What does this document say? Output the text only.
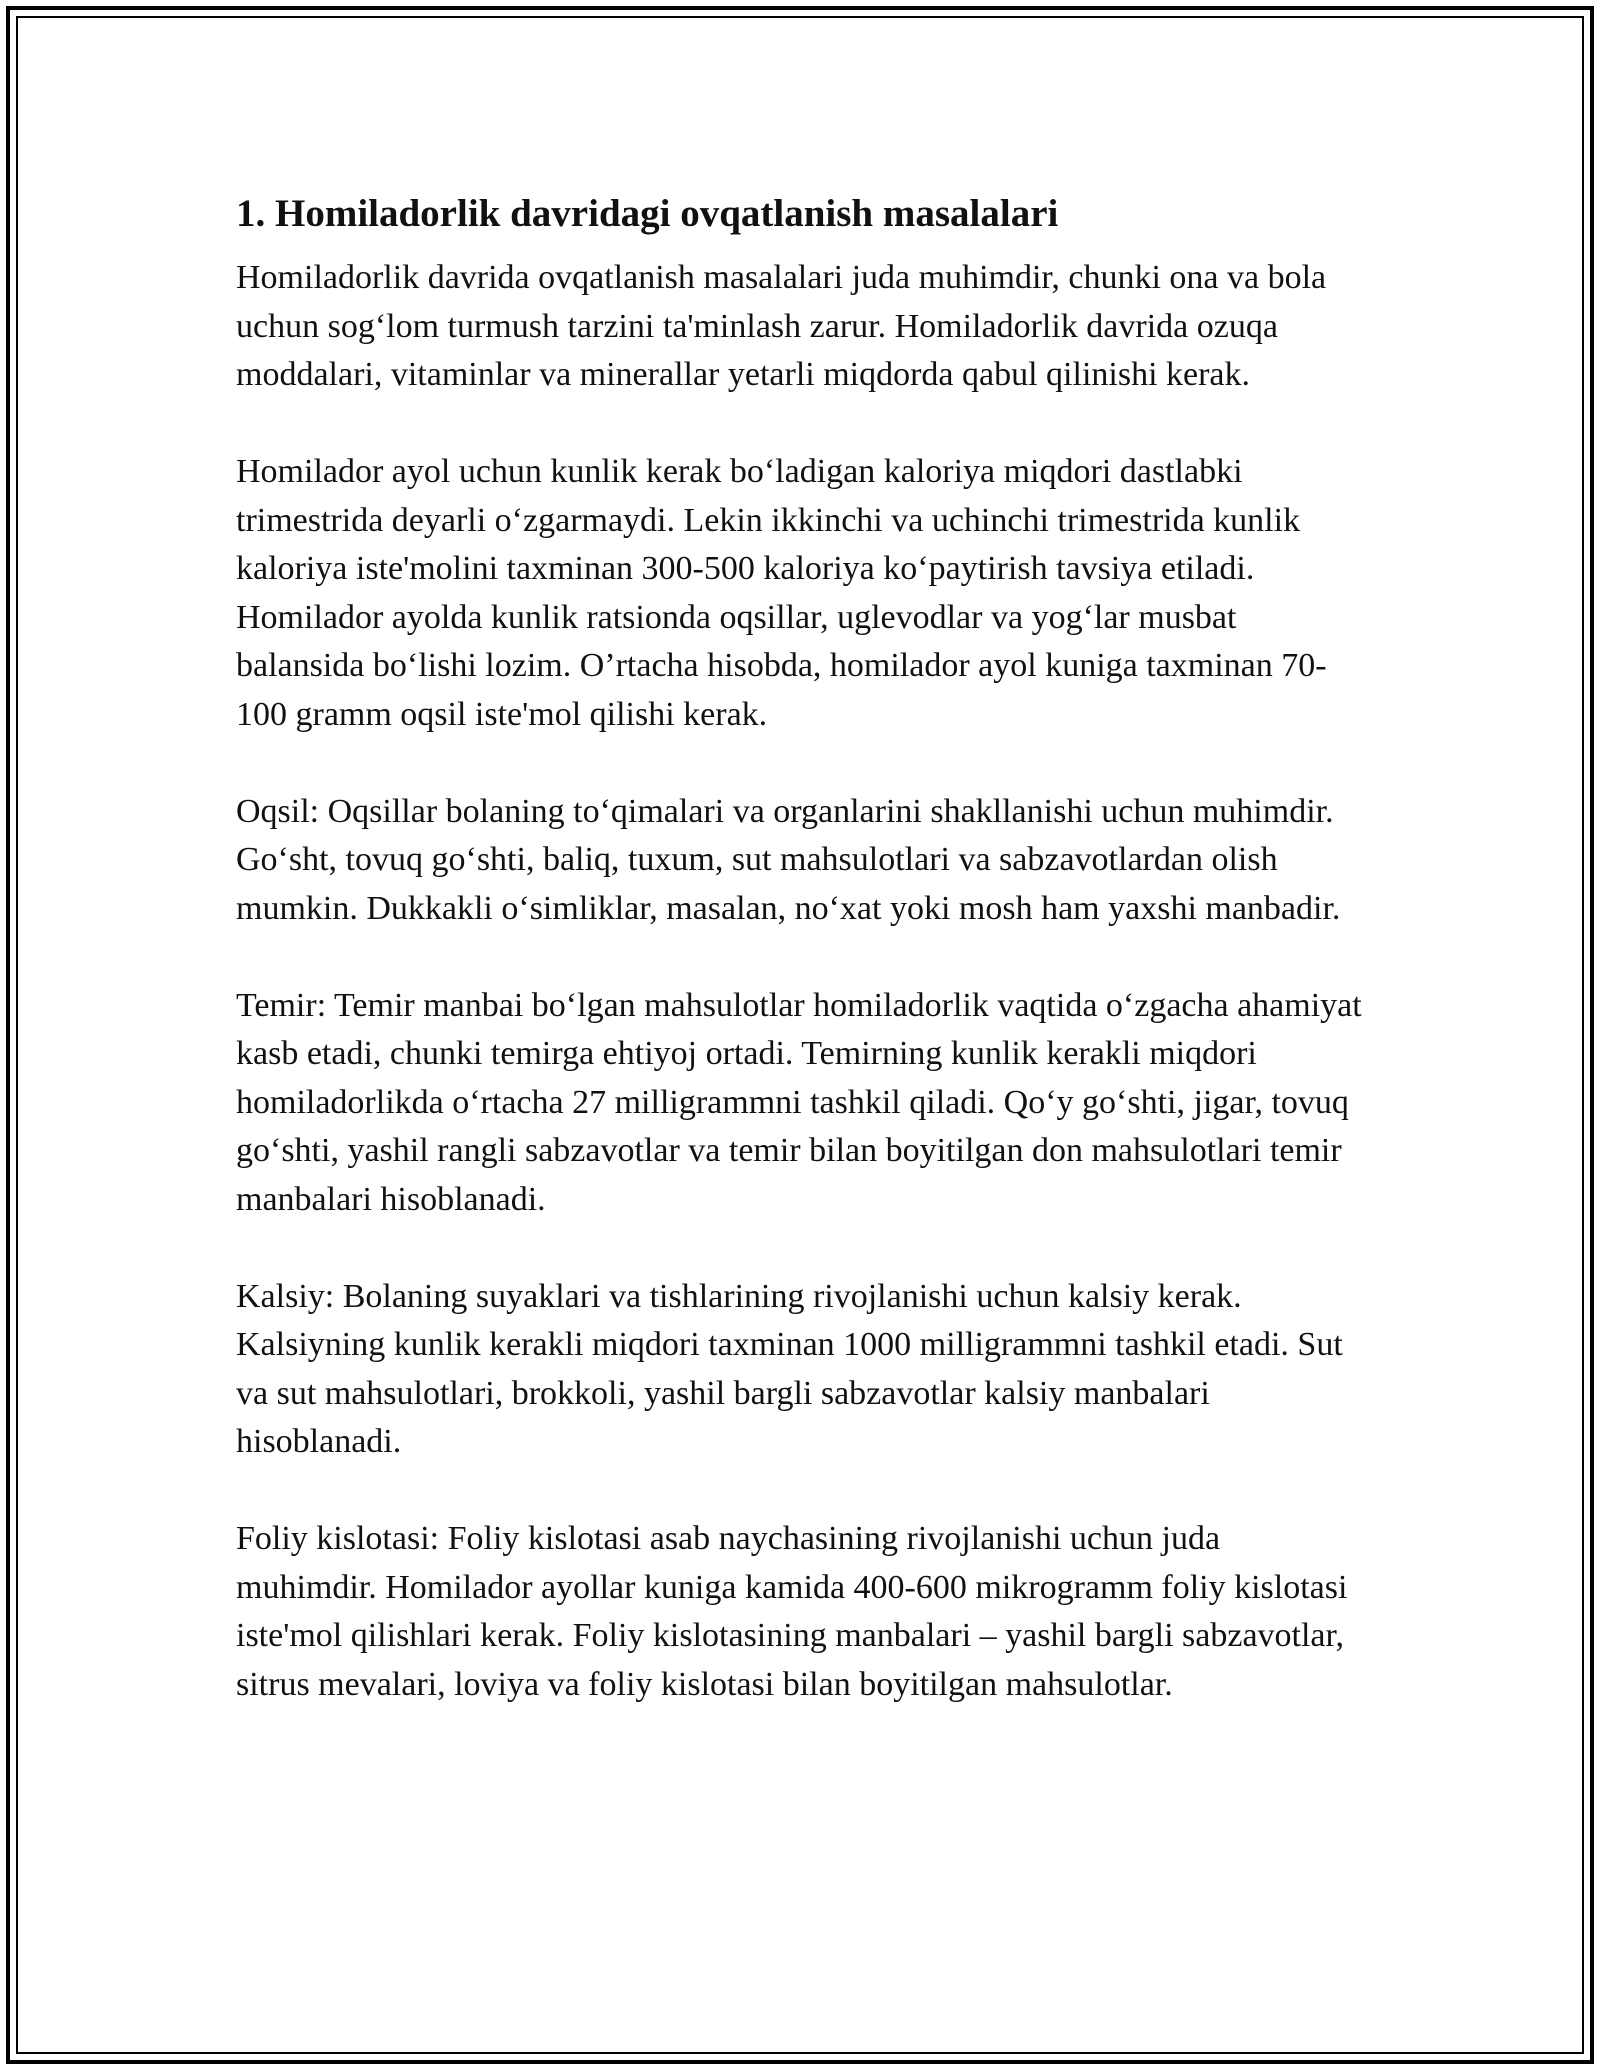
1. Homiladorlik davridagi ovqatlanish masalalari

Homiladorlik davrida ovqatlanish masalalari juda muhimdir, chunki ona va bola uchun sog‘lom turmush tarzini ta'minlash zarur. Homiladorlik davrida ozuqa moddalari, vitaminlar va minerallar yetarli miqdorda qabul qilinishi kerak.

Homilador ayol uchun kunlik kerak bo‘ladigan kaloriya miqdori dastlabki trimestrida deyarli o‘zgarmaydi. Lekin ikkinchi va uchinchi trimestrida kunlik kaloriya iste'molini taxminan 300-500 kaloriya ko‘paytirish tavsiya etiladi. Homilador ayolda kunlik ratsionda oqsillar, uglevodlar va yog‘lar musbat balansida bo‘lishi lozim. O’rtacha hisobda, homilador ayol kuniga taxminan 70-100 gramm oqsil iste'mol qilishi kerak.

Oqsil: Oqsillar bolaning to‘qimalari va organlarini shakllanishi uchun muhimdir. Go‘sht, tovuq go‘shti, baliq, tuxum, sut mahsulotlari va sabzavotlardan olish mumkin. Dukkakli o‘simliklar, masalan, no‘xat yoki mosh ham yaxshi manbadir.

Temir: Temir manbai bo‘lgan mahsulotlar homiladorlik vaqtida o‘zgacha ahamiyat kasb etadi, chunki temirga ehtiyoj ortadi. Temirning kunlik kerakli miqdori homiladorlikda o‘rtacha 27 milligrammni tashkil qiladi. Qo‘y go‘shti, jigar, tovuq go‘shti, yashil rangli sabzavotlar va temir bilan boyitilgan don mahsulotlari temir manbalari hisoblanadi.

Kalsiy: Bolaning suyaklari va tishlarining rivojlanishi uchun kalsiy kerak. Kalsiyning kunlik kerakli miqdori taxminan 1000 milligrammni tashkil etadi. Sut va sut mahsulotlari, brokkoli, yashil bargli sabzavotlar kalsiy manbalari hisoblanadi.

Foliy kislotasi: Foliy kislotasi asab naychasining rivojlanishi uchun juda muhimdir. Homilador ayollar kuniga kamida 400-600 mikrogramm foliy kislotasi iste'mol qilishlari kerak. Foliy kislotasining manbalari – yashil bargli sabzavotlar, sitrus mevalari, loviya va foliy kislotasi bilan boyitilgan mahsulotlar.
